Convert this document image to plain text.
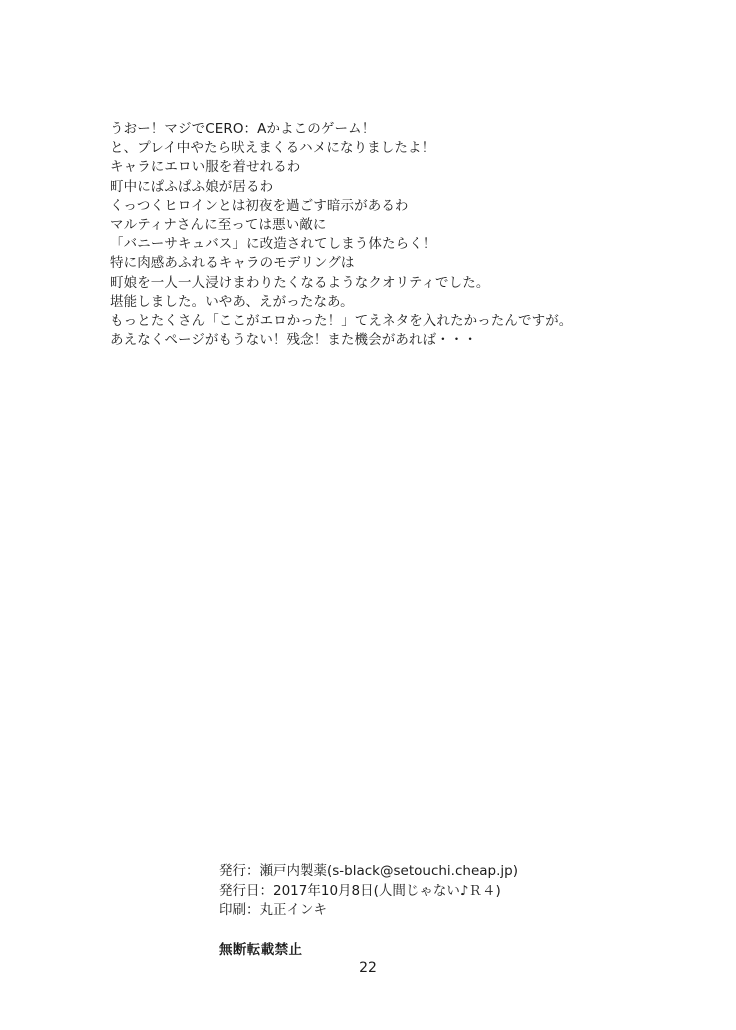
うおー！マジでCERO：Aかよこのゲーム！

と、プレイ中やたら吠えまくるハメになりましたよ！

キャラにエロい服を着せれるわ

町中にぱふぱふ娘が居るわ

くっつくヒロインとは初夜を過ごす暗示があるわ

マルティナさんに至っては悪い敵に

「バニーサキュバス」に改造されてしまう体たらく！

特に肉感あふれるキャラのモデリングは

町娘を一人一人浸けまわりたくなるようなクオリティでした。

堪能しました。いやあ、えがったなあ。

もっとたくさん「ここがエロかった！」てえネタを入れたかったんですが。

あえなくページがもうない！残念！また機会があれば・・・

発行：瀬戸内製薬(s-black@setouchi.cheap.jp)

発行日：2017年10月8日(人間じゃない♪Ｒ４)

印刷：丸正インキ

無断転載禁止

22
